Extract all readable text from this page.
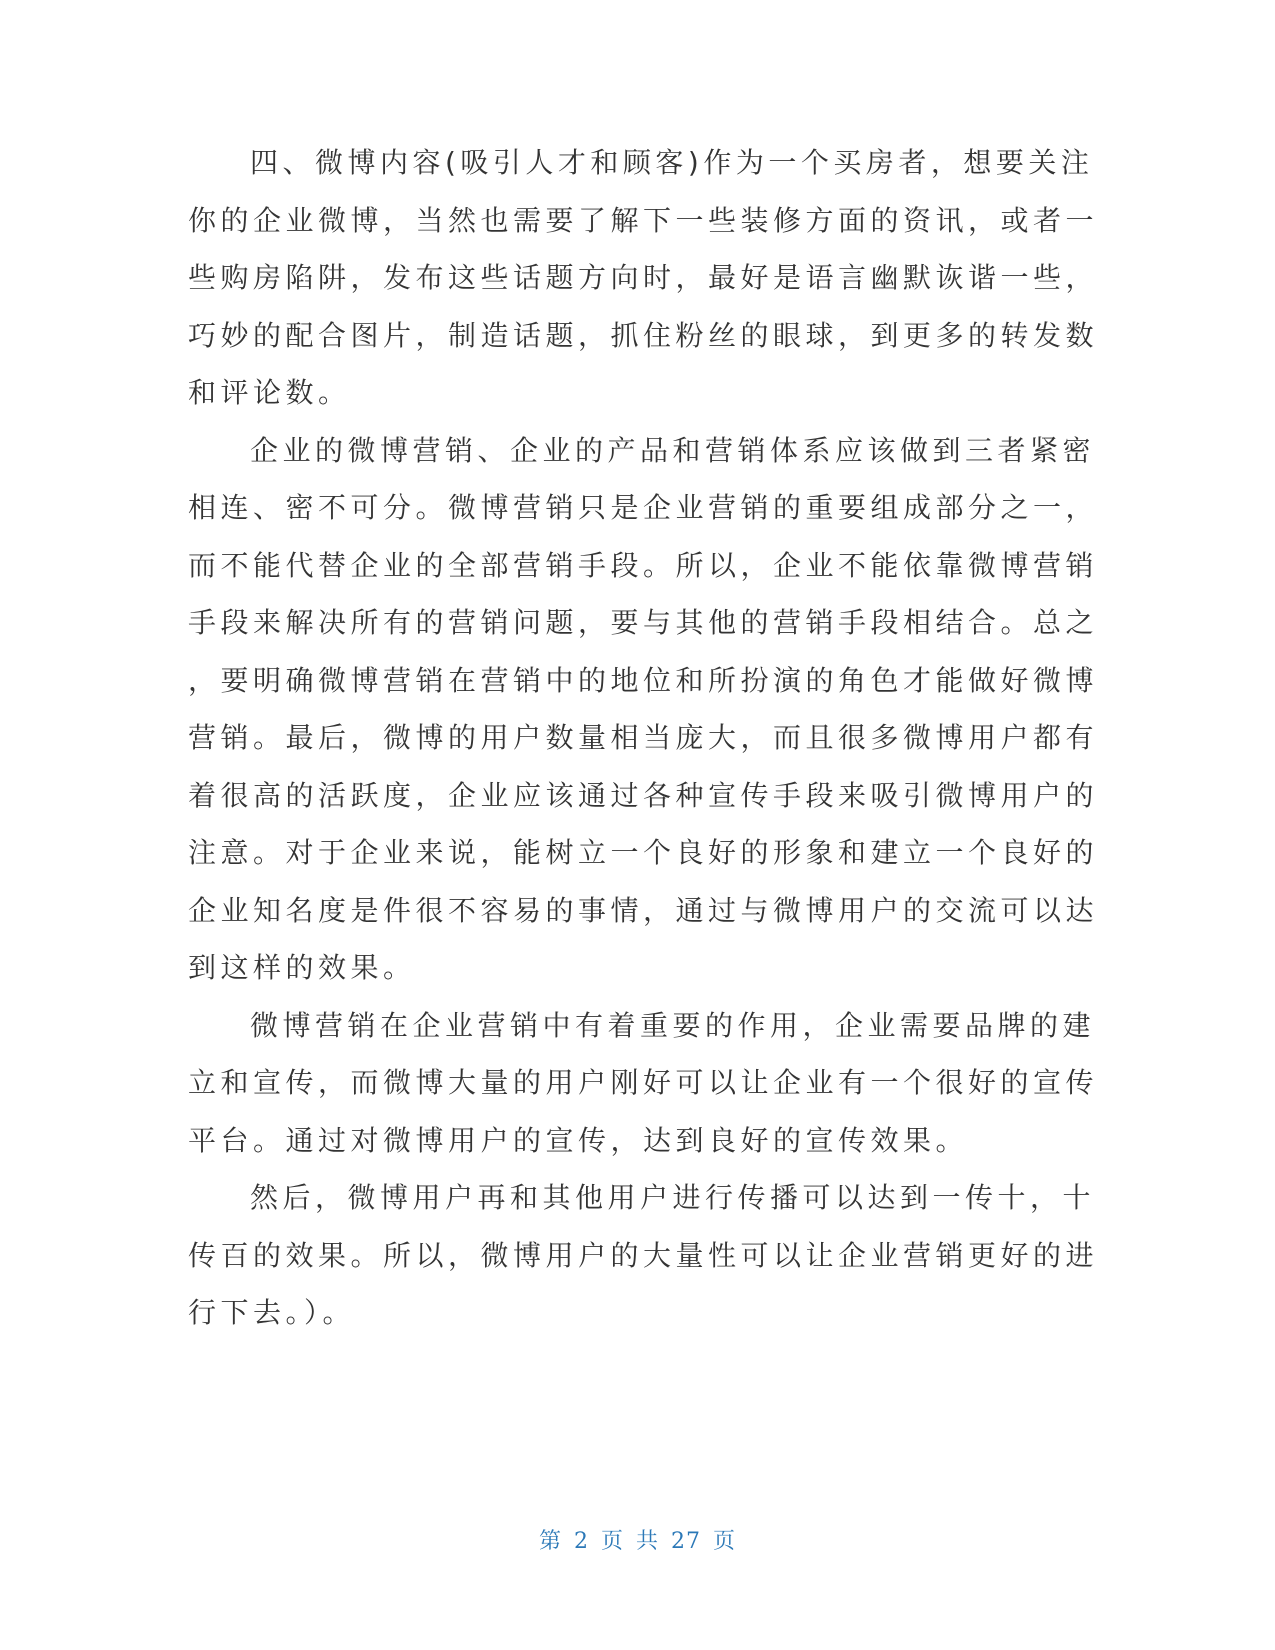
四、微博内容(吸引人才和顾客)作为一个买房者，想要关注
你的企业微博，当然也需要了解下一些装修方面的资讯，或者一
些购房陷阱，发布这些话题方向时，最好是语言幽默诙谐一些，
巧妙的配合图片，制造话题，抓住粉丝的眼球，到更多的转发数
和评论数。
企业的微博营销、企业的产品和营销体系应该做到三者紧密
相连、密不可分。微博营销只是企业营销的重要组成部分之一，
而不能代替企业的全部营销手段。所以，企业不能依靠微博营销
手段来解决所有的营销问题，要与其他的营销手段相结合。总之
，要明确微博营销在营销中的地位和所扮演的角色才能做好微博
营销。最后，微博的用户数量相当庞大，而且很多微博用户都有
着很高的活跃度，企业应该通过各种宣传手段来吸引微博用户的
注意。对于企业来说，能树立一个良好的形象和建立一个良好的
企业知名度是件很不容易的事情，通过与微博用户的交流可以达
到这样的效果。
微博营销在企业营销中有着重要的作用，企业需要品牌的建
立和宣传，而微博大量的用户刚好可以让企业有一个很好的宣传
平台。通过对微博用户的宣传，达到良好的宣传效果。
然后，微博用户再和其他用户进行传播可以达到一传十，十
传百的效果。所以，微博用户的大量性可以让企业营销更好的进
行下去。）。
第 2 页 共 27 页
